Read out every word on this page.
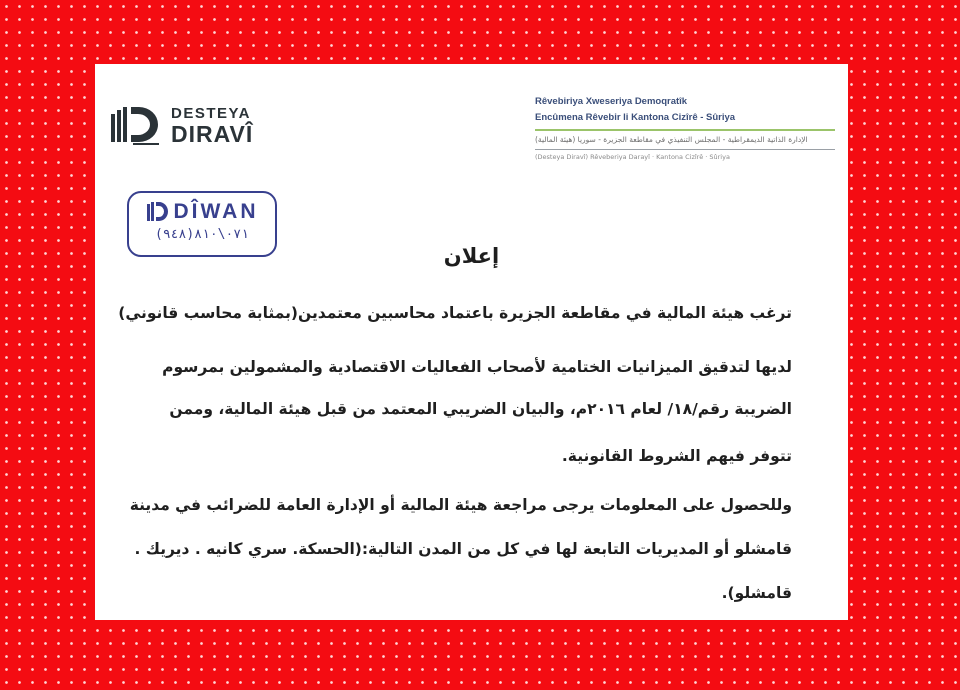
DESTEYA
DIRAVÎ
Rêvebiriya Xweseriya Demoqratîk
Encûmena Rêvebir li Kantona Cizîrê - Sûriya
الإدارة الذاتية الديمقراطية - المجلس التنفيذي في مقاطعة الجزيرة - سوريا (هيئة المالية)
(Desteya Diravî) Rêveberiya Darayî · Kantona Cizîrê · Sûriya
DÎWAN
(٩٤٨)٠٧١\٨١٠
إعلان
ترغب هيئة المالية في مقاطعة الجزيرة باعتماد محاسبين معتمدين(بمثابة محاسب قانوني)
لديها لتدقيق الميزانيات الختامية لأصحاب الفعاليات الاقتصادية والمشمولين بمرسوم
الضريبة رقم/١٨/ لعام ٢٠١٦م، والبيان الضريبي المعتمد من قبل هيئة المالية، وممن
تتوفر فيهم الشروط القانونية.
وللحصول على المعلومات يرجى مراجعة هيئة المالية أو الإدارة العامة للضرائب في مدينة
قامشلو أو المديريات التابعة لها في كل من المدن التالية:(الحسكة. سري كانيه . ديريك .
قامشلو).
